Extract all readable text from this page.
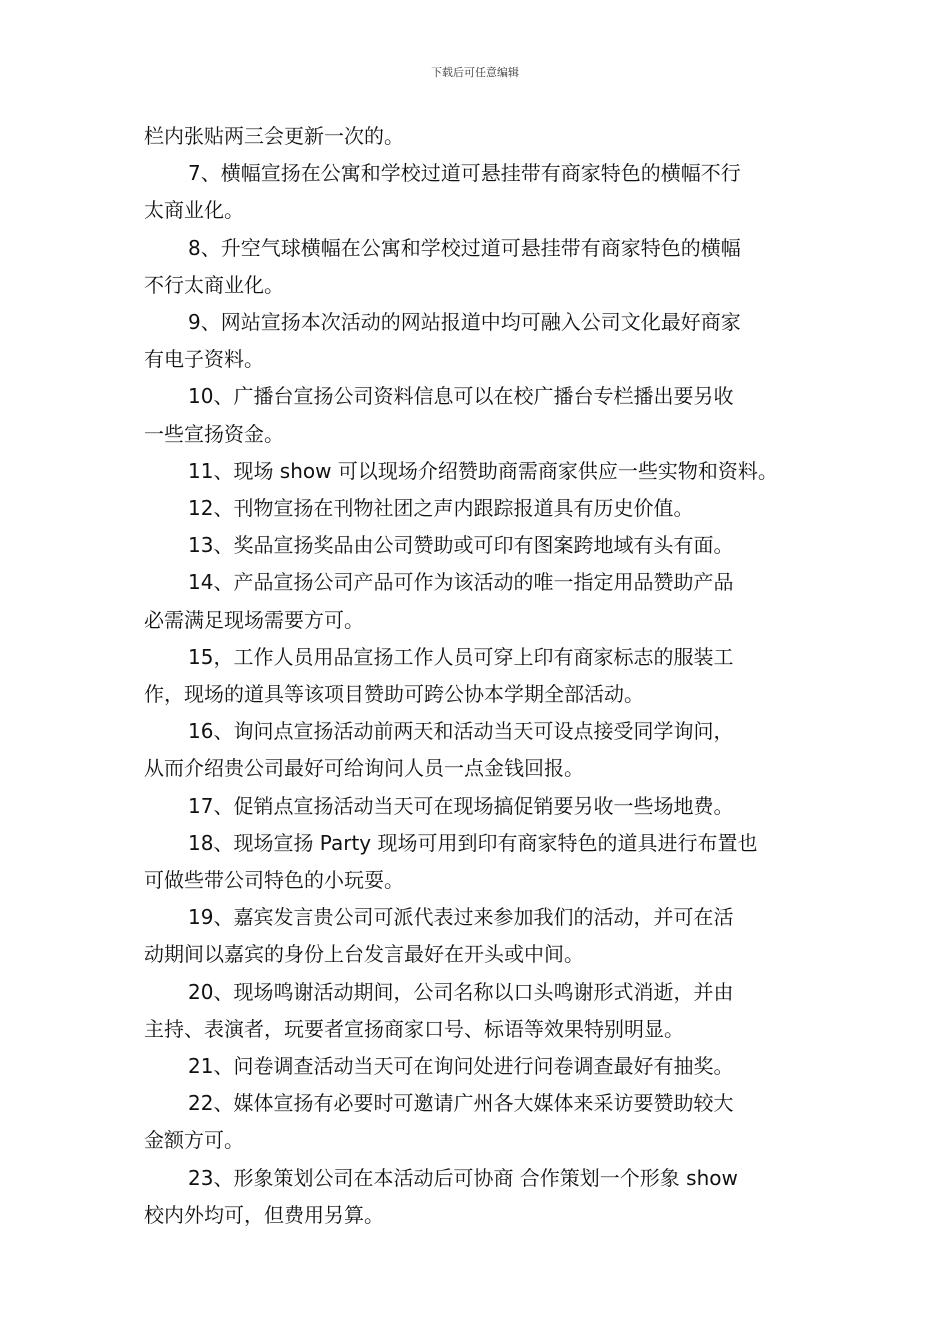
下载后可任意编辑

栏内张贴两三会更新一次的。

7、横幅宣扬在公寓和学校过道可悬挂带有商家特色的横幅不行

太商业化。

8、升空气球横幅在公寓和学校过道可悬挂带有商家特色的横幅

不行太商业化。

9、网站宣扬本次活动的网站报道中均可融入公司文化最好商家

有电子资料。

10、广播台宣扬公司资料信息可以在校广播台专栏播出要另收

一些宣扬资金。

11、现场 show 可以现场介绍赞助商需商家供应一些实物和资料。

12、刊物宣扬在刊物社团之声内跟踪报道具有历史价值。

13、奖品宣扬奖品由公司赞助或可印有图案跨地域有头有面。

14、产品宣扬公司产品可作为该活动的唯一指定用品赞助产品

必需满足现场需要方可。

15，工作人员用品宣扬工作人员可穿上印有商家标志的服装工

作，现场的道具等该项目赞助可跨公协本学期全部活动。

16、询问点宣扬活动前两天和活动当天可设点接受同学询问，

从而介绍贵公司最好可给询问人员一点金钱回报。

17、促销点宣扬活动当天可在现场搞促销要另收一些场地费。

18、现场宣扬 Party 现场可用到印有商家特色的道具进行布置也

可做些带公司特色的小玩耍。

19、嘉宾发言贵公司可派代表过来参加我们的活动，并可在活

动期间以嘉宾的身份上台发言最好在开头或中间。

20、现场鸣谢活动期间，公司名称以口头鸣谢形式消逝，并由

主持、表演者，玩要者宣扬商家口号、标语等效果特别明显。

21、问卷调查活动当天可在询问处进行问卷调查最好有抽奖。

22、媒体宣扬有必要时可邀请广州各大媒体来采访要赞助较大

金额方可。

23、形象策划公司在本活动后可协商 合作策划一个形象 show

校内外均可，但费用另算。
